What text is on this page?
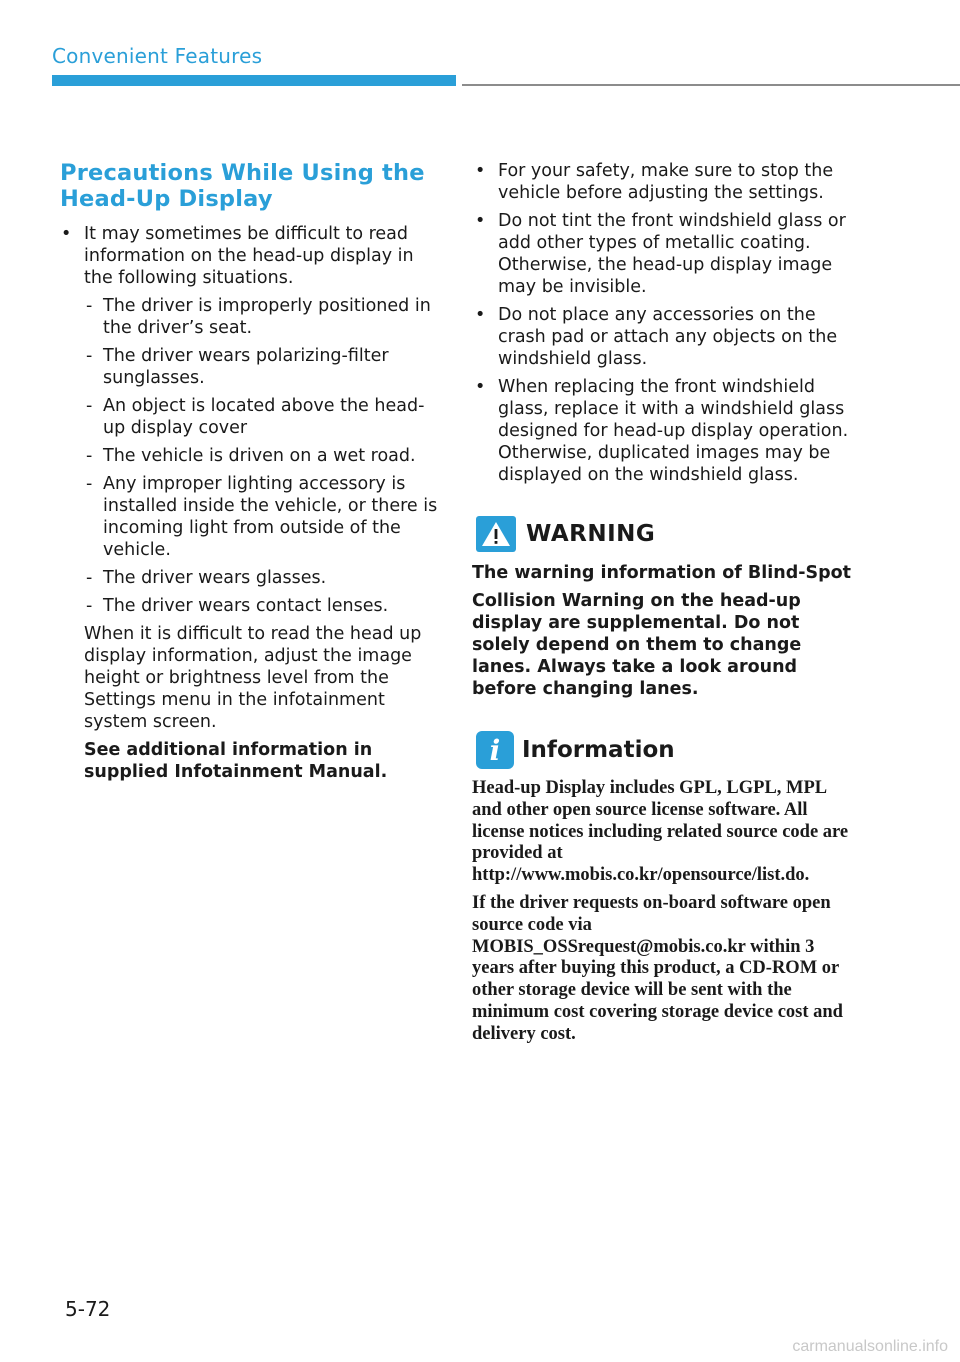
Convenient Features
Precautions While Using the
Head-Up Display
• It may sometimes be difficult to read information on the head-up display in the following situations.
- The driver is improperly positioned in the driver’s seat.
- The driver wears polarizing-filter sunglasses.
- An object is located above the head-up display cover
- The vehicle is driven on a wet road.
- Any improper lighting accessory is installed inside the vehicle, or there is incoming light from outside of the vehicle.
- The driver wears glasses.
- The driver wears contact lenses.
When it is difficult to read the head up display information, adjust the image height or brightness level from the Settings menu in the infotainment system screen.
See additional information in supplied Infotainment Manual.
• For your safety, make sure to stop the vehicle before adjusting the settings.
• Do not tint the front windshield glass or add other types of metallic coating. Otherwise, the head-up display image may be invisible.
• Do not place any accessories on the crash pad or attach any objects on the windshield glass.
• When replacing the front windshield glass, replace it with a windshield glass designed for head-up display operation. Otherwise, duplicated images may be displayed on the windshield glass.
WARNING

The warning information of Blind-Spot

Collision Warning on the head-up display are supplemental. Do not solely depend on them to change lanes. Always take a look around before changing lanes.

i Information

Head-up Display includes GPL, LGPL, MPL and other open source license software. All license notices including related source code are provided at http://www.mobis.co.kr/opensource/list.do.

If the driver requests on-board software open source code via MOBIS_OSSrequest@mobis.co.kr within 3 years after buying this product, a CD-ROM or other storage device will be sent with the minimum cost covering storage device cost and delivery cost.

5-72
carmanualsonline.info
